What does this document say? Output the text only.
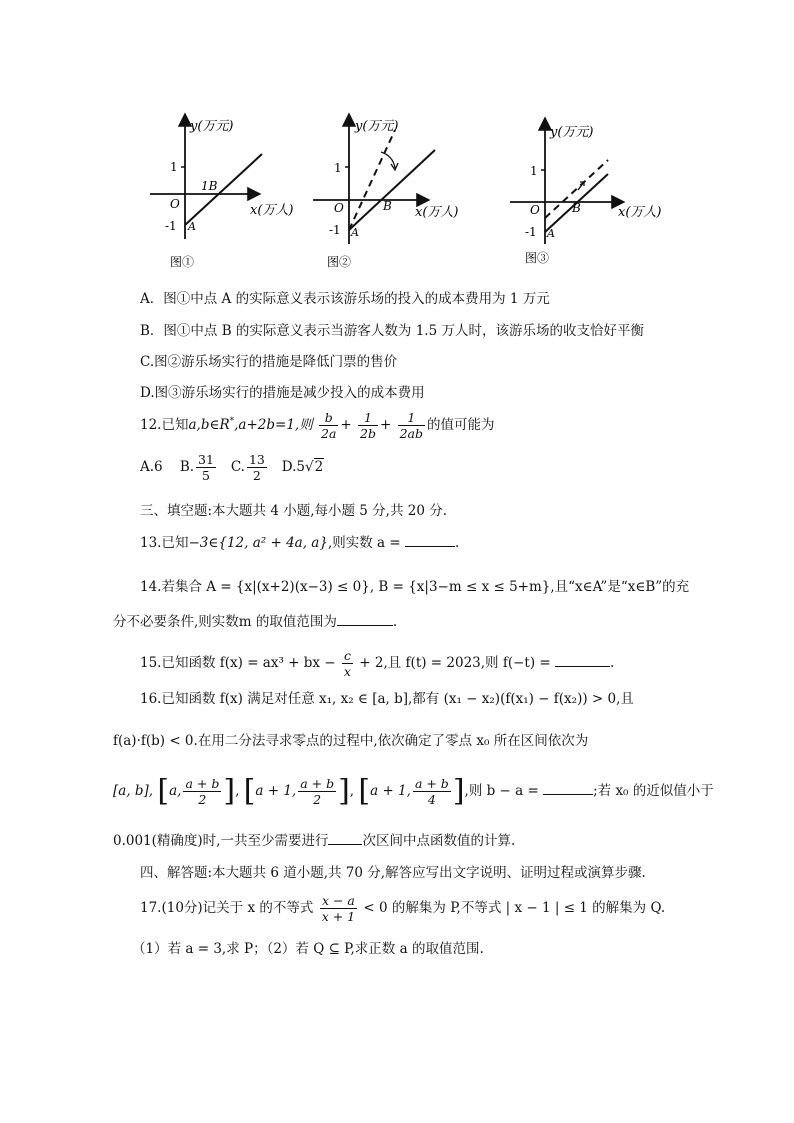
y(万元)
x(万人)
O
1
-1 A
1B
图①
y(万元)
x(万人)
O
1
-1 A
B
图②
y(万元)
x(万人)
O
1
-1 A
B
图③
A．图①中点 A 的实际意义表示该游乐场的投入的成本费用为 1 万元
B．图①中点 B 的实际意义表示当游客人数为 1.5 万人时，该游乐场的收支恰好平衡
C.图②游乐场实行的措施是降低门票的售价
D.图③游乐场实行的措施是减少投入的成本费用
12.已知a,b∈R*,a+2b=1,则 $\frac{b}{2a} + \frac{1}{2b} + \frac{1}{2ab}$ 的值可能为
A.6 B. $\frac{31}{5} C$. $\frac{13}{2} D.5√2$
三、填空题:本大题共 4 小题,每小题 5 分,共 20 分.
13.已知−3∈{12, a² + 4a, a},则实数 a =	.
14.若集合 A = {x|(x+2)(x−3) ≤ 0}, B = {x|3−m ≤ x ≤ 5+m},且“x∈A”是“x∈B”的充
分不必要条件,则实数m 的取值范围为	.
15.已知函数 f(x) = ax³ + bx − $\frac{c}{x} + 2$,且 f(t) = 2023,则 f(−t) =	.
16.已知函数 f(x) 满足对任意 x₁, x₂ ∈ [a, b],都有 (x₁ − x₂)(f(x₁) − f(x₂)) > 0,且
f(a)·f(b) < 0.在用二分法寻求零点的过程中,依次确定了零点 x₀ 所在区间依次为
[a, b], [a, $\frac{a + b}{2}$ ], [a + 1, $\frac{a + b}{2}$ ], [a + 1, $\frac{a + b}{4}$ ],则 b − a =	;若 x₀ 的近似值小于
0.001(精确度)时,一共至少需要进行	次区间中点函数值的计算.
四、解答题:本大题共 6 道小题,共 70 分,解答应写出文字说明、证明过程或演算步骤.
17.(10分)记关于 x 的不等式 $\frac{x - a}{x + 1} < 0$ 的解集为 P,不等式 | x − 1 | ≤ 1 的解集为 Q.
（1）若 a = 3,求 P；（2）若 Q ⊆ P,求正数 a 的取值范围.
